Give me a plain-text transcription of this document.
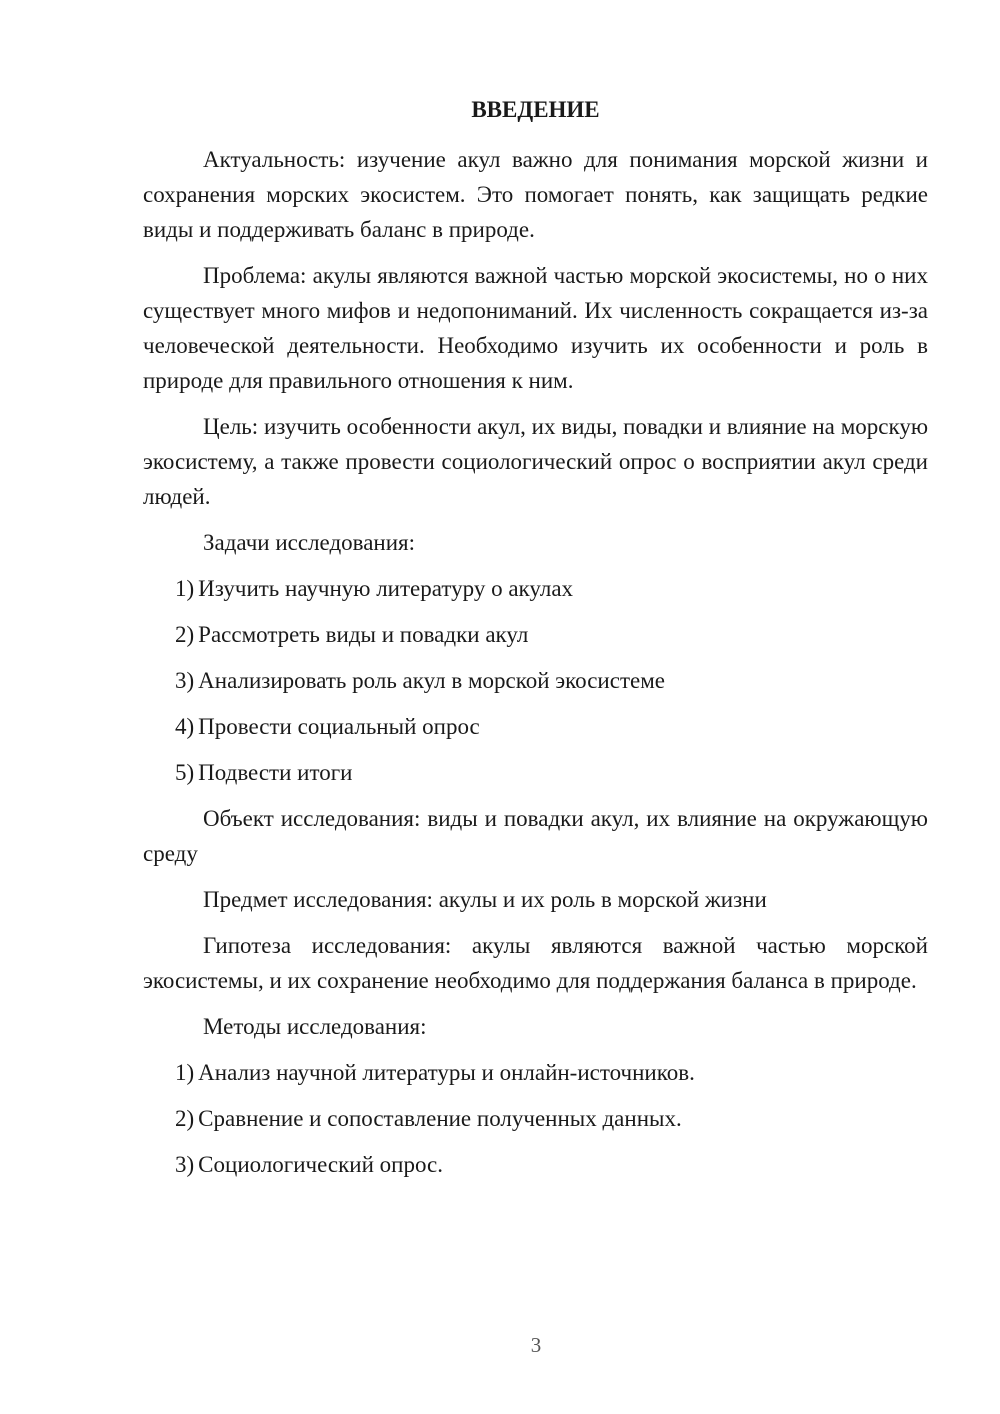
ВВЕДЕНИЕ

Актуальность: изучение акул важно для понимания морской жизни и сохранения морских экосистем. Это помогает понять, как защищать редкие виды и поддерживать баланс в природе.

Проблема: акулы являются важной частью морской экосистемы, но о них существует много мифов и недопониманий. Их численность сокращается из-за человеческой деятельности. Необходимо изучить их особенности и роль в природе для правильного отношения к ним.

Цель: изучить особенности акул, их виды, повадки и влияние на морскую экосистему, а также провести социологический опрос о восприятии акул среди людей.

Задачи исследования:

1) Изучить научную литературу о акулах

2) Рассмотреть виды и повадки акул

3) Анализировать роль акул в морской экосистеме

4) Провести социальный опрос

5) Подвести итоги

Объект исследования: виды и повадки акул, их влияние на окружающую среду

Предмет исследования: акулы и их роль в морской жизни

Гипотеза исследования: акулы являются важной частью морской экосистемы, и их сохранение необходимо для поддержания баланса в природе.

Методы исследования:

1) Анализ научной литературы и онлайн-источников.

2) Сравнение и сопоставление полученных данных.

3) Социологический опрос.

3
